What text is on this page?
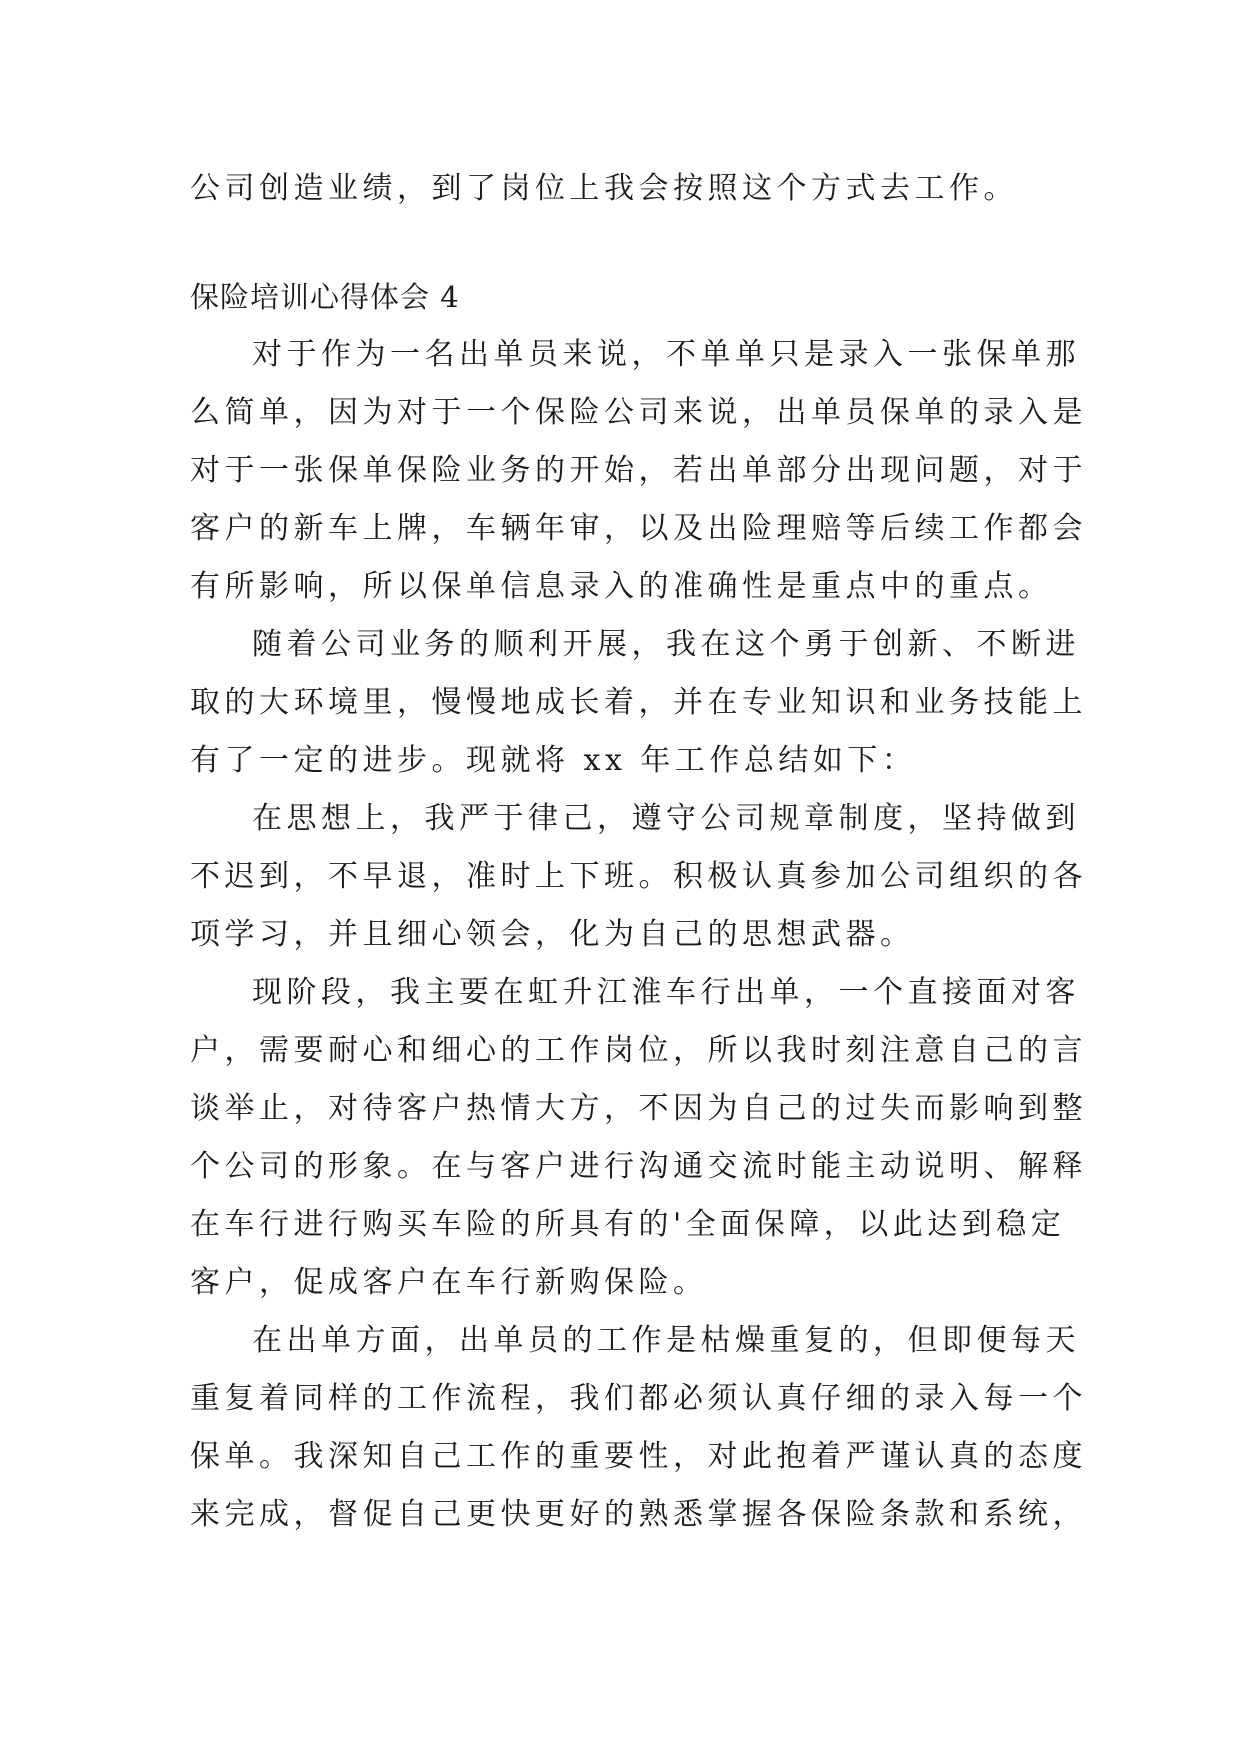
公司创造业绩，到了岗位上我会按照这个方式去工作。
保险培训心得体会 4
对于作为一名出单员来说，不单单只是录入一张保单那
么简单，因为对于一个保险公司来说，出单员保单的录入是
对于一张保单保险业务的开始，若出单部分出现问题，对于
客户的新车上牌，车辆年审，以及出险理赔等后续工作都会
有所影响，所以保单信息录入的准确性是重点中的重点。
随着公司业务的顺利开展，我在这个勇于创新、不断进
取的大环境里，慢慢地成长着，并在专业知识和业务技能上
有了一定的进步。现就将 xx 年工作总结如下：
在思想上，我严于律己，遵守公司规章制度，坚持做到
不迟到，不早退，准时上下班。积极认真参加公司组织的各
项学习，并且细心领会，化为自己的思想武器。
现阶段，我主要在虹升江淮车行出单，一个直接面对客
户，需要耐心和细心的工作岗位，所以我时刻注意自己的言
谈举止，对待客户热情大方，不因为自己的过失而影响到整
个公司的形象。在与客户进行沟通交流时能主动说明、解释
在车行进行购买车险的所具有的'全面保障，以此达到稳定
客户，促成客户在车行新购保险。
在出单方面，出单员的工作是枯燥重复的，但即便每天
重复着同样的工作流程，我们都必须认真仔细的录入每一个
保单。我深知自己工作的重要性，对此抱着严谨认真的态度
来完成，督促自己更快更好的熟悉掌握各保险条款和系统，
